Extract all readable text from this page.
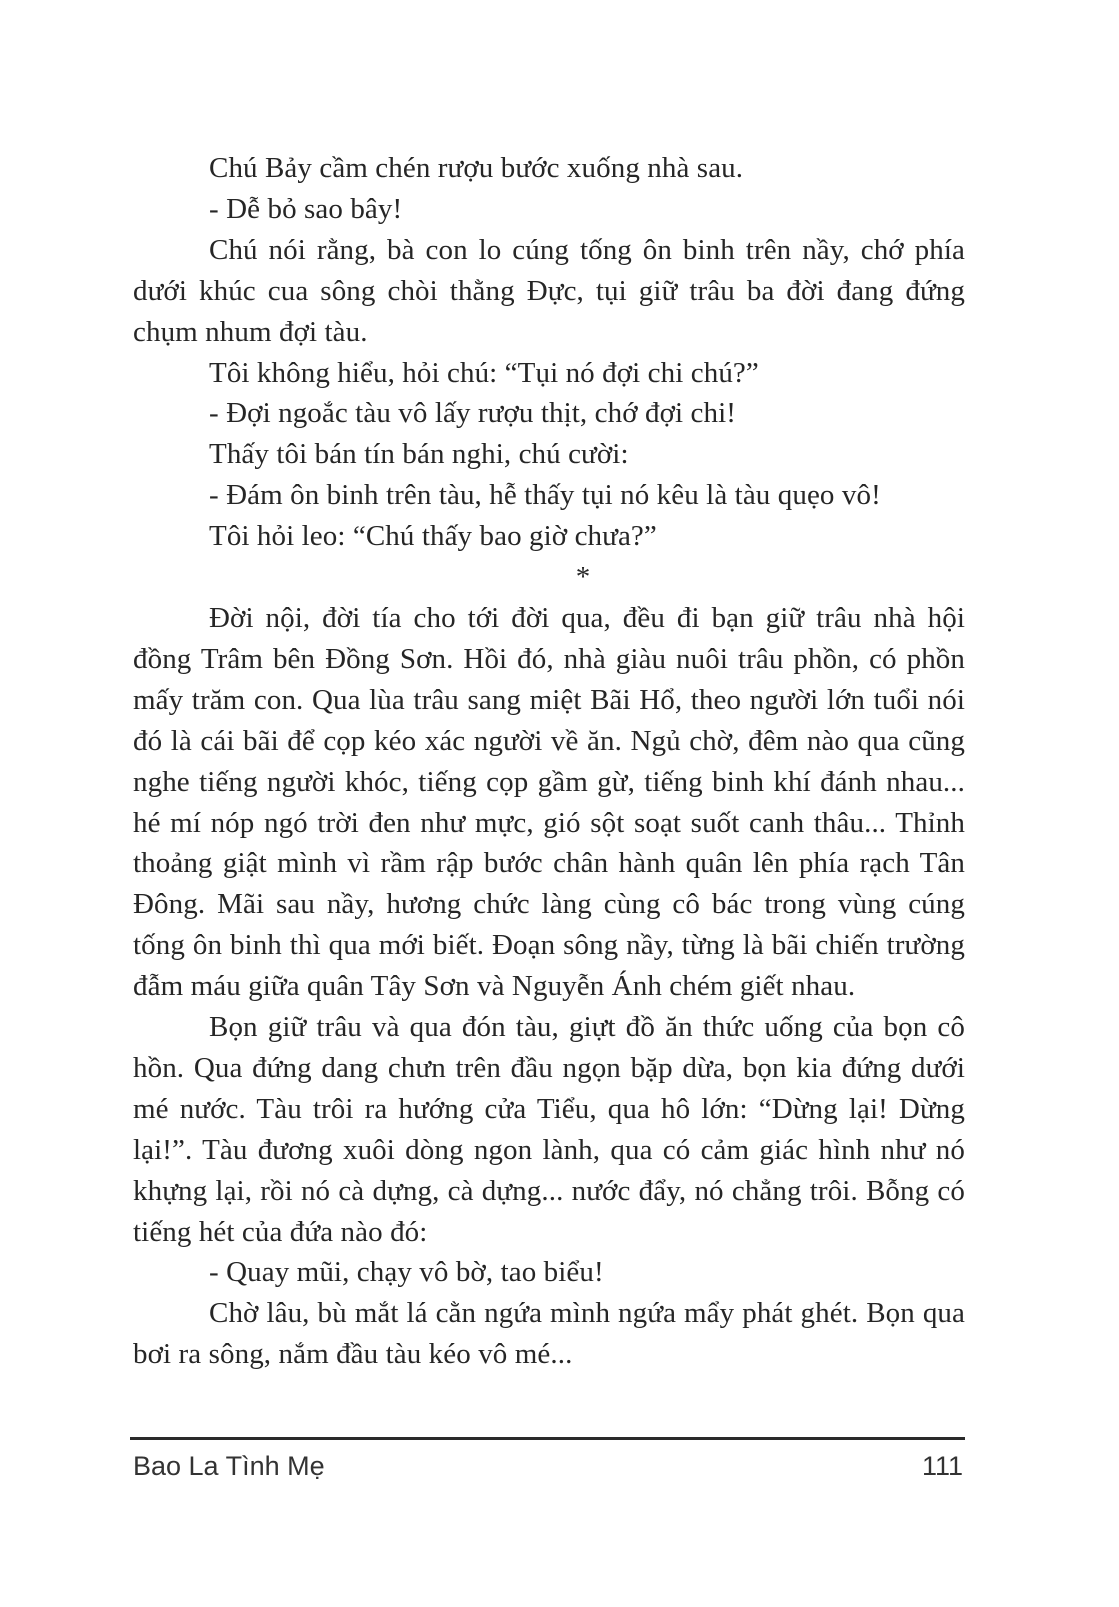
Chú Bảy cầm chén rượu bước xuống nhà sau.

- Dễ bỏ sao bây!

Chú nói rằng, bà con lo cúng tống ôn binh trên nầy, chớ phía dưới khúc cua sông chòi thằng Đực, tụi giữ trâu ba đời đang đứng chụm nhum đợi tàu.

Tôi không hiểu, hỏi chú: “Tụi nó đợi chi chú?”

- Đợi ngoắc tàu vô lấy rượu thịt, chớ đợi chi!

Thấy tôi bán tín bán nghi, chú cười:

- Đám ôn binh trên tàu, hễ thấy tụi nó kêu là tàu quẹo vô!

Tôi hỏi leo: “Chú thấy bao giờ chưa?”

*

Đời nội, đời tía cho tới đời qua, đều đi bạn giữ trâu nhà hội đồng Trâm bên Đồng Sơn. Hồi đó, nhà giàu nuôi trâu phồn, có phồn mấy trăm con. Qua lùa trâu sang miệt Bãi Hổ, theo người lớn tuổi nói đó là cái bãi để cọp kéo xác người về ăn. Ngủ chờ, đêm nào qua cũng nghe tiếng người khóc, tiếng cọp gầm gừ, tiếng binh khí đánh nhau... hé mí nóp ngó trời đen như mực, gió sột soạt suốt canh thâu... Thỉnh thoảng giật mình vì rầm rập bước chân hành quân lên phía rạch Tân Đông. Mãi sau nầy, hương chức làng cùng cô bác trong vùng cúng tống ôn binh thì qua mới biết. Đoạn sông nầy, từng là bãi chiến trường đẫm máu giữa quân Tây Sơn và Nguyễn Ánh chém giết nhau.

Bọn giữ trâu và qua đón tàu, giựt đồ ăn thức uống của bọn cô hồn. Qua đứng dang chưn trên đầu ngọn bặp dừa, bọn kia đứng dưới mé nước. Tàu trôi ra hướng cửa Tiểu, qua hô lớn: “Dừng lại! Dừng lại!”. Tàu đương xuôi dòng ngon lành, qua có cảm giác hình như nó khựng lại, rồi nó cà dựng, cà dựng... nước đẩy, nó chẳng trôi. Bỗng có tiếng hét của đứa nào đó:

- Quay mũi, chạy vô bờ, tao biểu!

Chờ lâu, bù mắt lá cằn ngứa mình ngứa mẩy phát ghét. Bọn qua bơi ra sông, nắm đầu tàu kéo vô mé...

Bao La Tình Mẹ	111
